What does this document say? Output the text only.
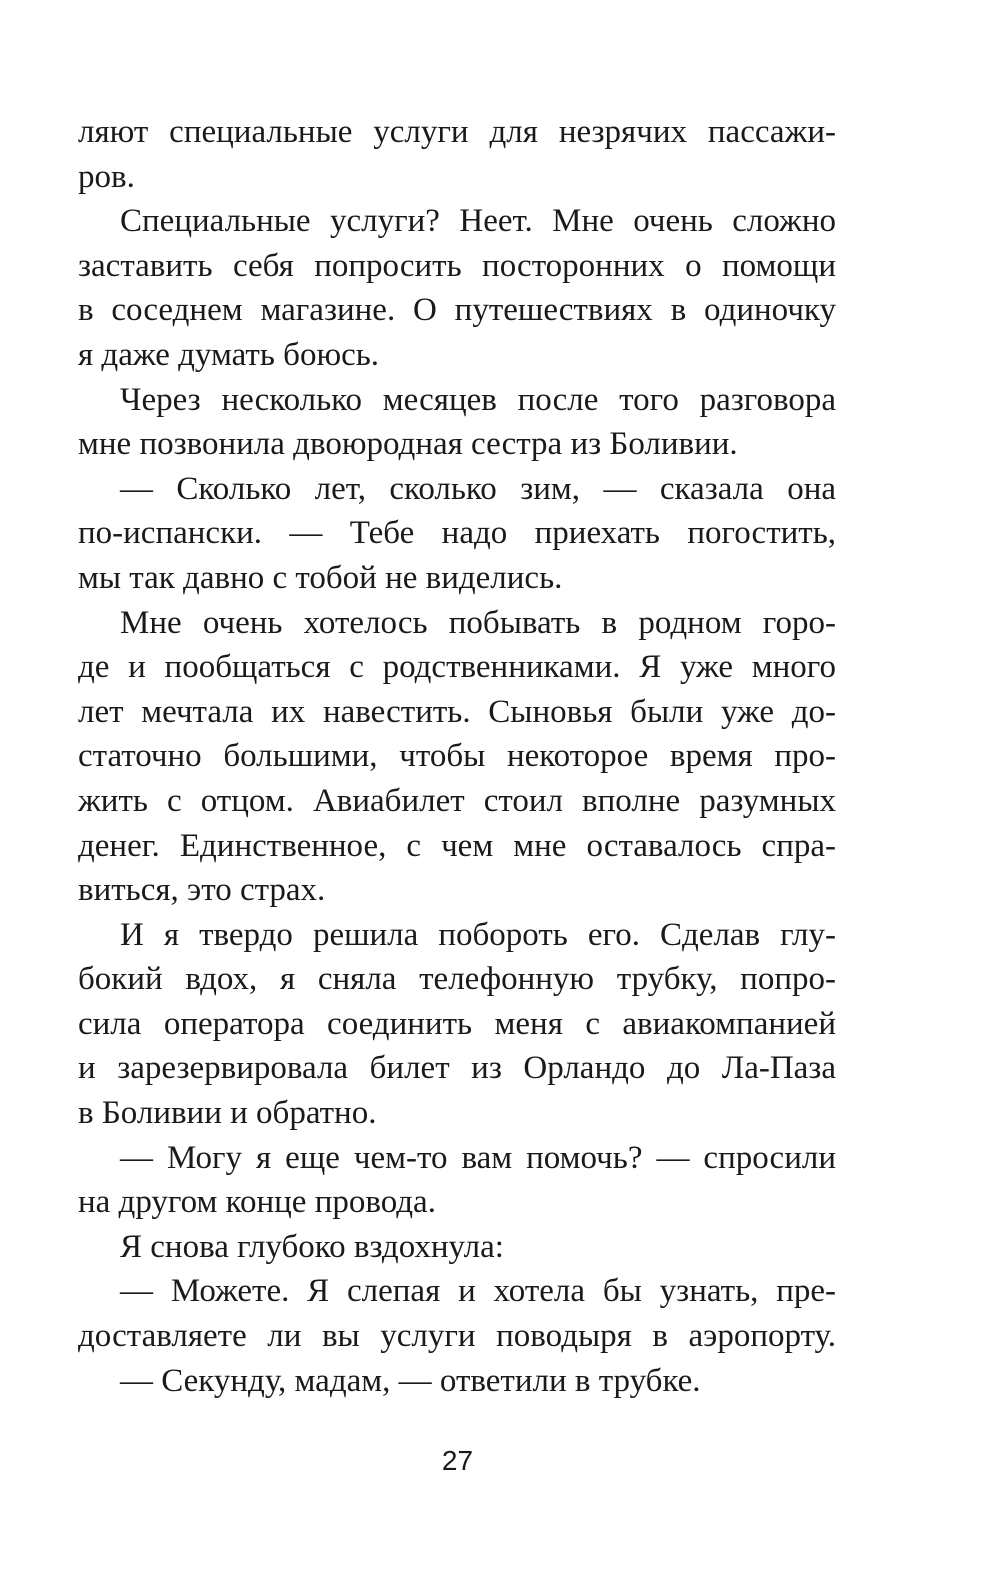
ляют специальные услуги для незрячих пассажи-
ров.
Специальные услуги? Неет. Мне очень сложно
заставить себя попросить посторонних о помощи
в соседнем магазине. О путешествиях в одиночку
я даже думать боюсь.
Через несколько месяцев после того разговора
мне позвонила двоюродная сестра из Боливии.
— Сколько лет, сколько зим, — сказала она
по-испански. — Тебе надо приехать погостить,
мы так давно с тобой не виделись.
Мне очень хотелось побывать в родном горо-
де и пообщаться с родственниками. Я уже много
лет мечтала их навестить. Сыновья были уже до-
статочно большими, чтобы некоторое время про-
жить с отцом. Авиабилет стоил вполне разумных
денег. Единственное, с чем мне оставалось спра-
виться, это страх.
И я твердо решила побороть его. Сделав глу-
бокий вдох, я сняла телефонную трубку, попро-
сила оператора соединить меня с авиакомпанией
и зарезервировала билет из Орландо до Ла-Паза
в Боливии и обратно.
— Могу я еще чем-то вам помочь? — спросили
на другом конце провода.
Я снова глубоко вздохнула:
— Можете. Я слепая и хотела бы узнать, пре-
доставляете ли вы услуги поводыря в аэропорту.
— Секунду, мадам, — ответили в трубке.
27
